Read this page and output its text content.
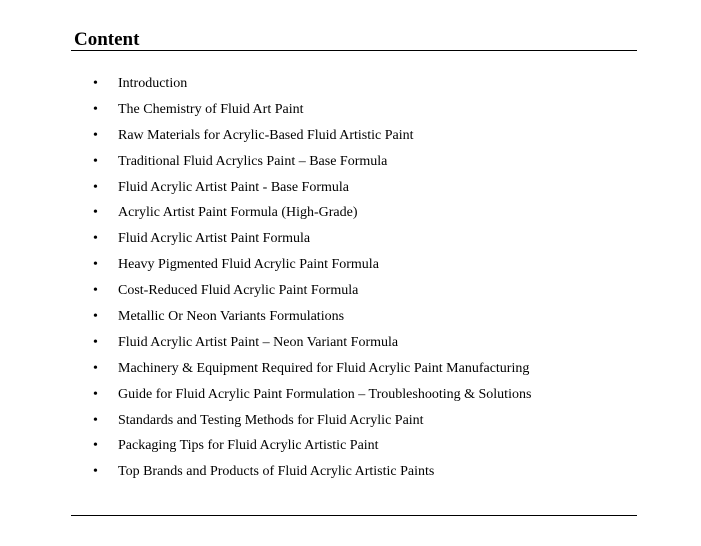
Content
• Introduction
• The Chemistry of Fluid Art Paint
• Raw Materials for Acrylic-Based Fluid Artistic Paint
• Traditional Fluid Acrylics Paint – Base Formula
• Fluid Acrylic Artist Paint - Base Formula
• Acrylic Artist Paint Formula (High-Grade)
• Fluid Acrylic Artist Paint Formula
• Heavy Pigmented Fluid Acrylic Paint Formula
• Cost-Reduced Fluid Acrylic Paint Formula
• Metallic Or Neon Variants Formulations
• Fluid Acrylic Artist Paint – Neon Variant Formula
• Machinery & Equipment Required for Fluid Acrylic Paint Manufacturing
• Guide for Fluid Acrylic Paint Formulation – Troubleshooting & Solutions
• Standards and Testing Methods for Fluid Acrylic Paint
• Packaging Tips for Fluid Acrylic Artistic Paint
• Top Brands and Products of Fluid Acrylic Artistic Paints
